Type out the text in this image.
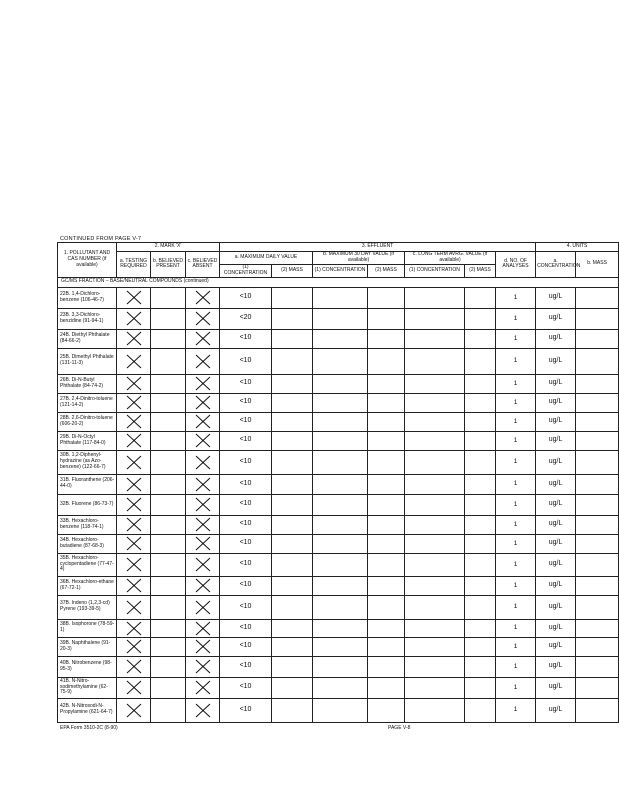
CONTINUED FROM PAGE V-7
1. POLLUTANT AND CAS NUMBER (if available)	2. MARK 'X'			3. EFFLUENT							4. UNITS	
	a. TESTING REQUIRED	b. BELIEVED PRESENT	c. BELIEVED ABSENT	a. MAXIMUM DAILY VALUE		b. MAXIMUM 30 DAY VALUE (if available)		c. LONG TERM AVRG. VALUE (if available)		d. NO. OF ANALYSES	a. CONCENTRATION	b. MASS
				(1) CONCENTRATION	(2) MASS	(1) CONCENTRATION	(2) MASS	(1) CONCENTRATION	(2) MASS			
GC/MS FRACTION – BASE/NEUTRAL COMPOUNDS (continued)												
22B. 1,4-Dichloro-benzene (106-46-7)				<10						1	ug/L	
23B. 3,3-Dichloro-benzidine (91-94-1)				<20						1	ug/L	
24B. Diethyl Phthalate (84-66-2)				<10						1	ug/L	
25B. Dimethyl Phthalate (131-11-3)				<10						1	ug/L	
26B. Di-N-Butyl Phthalate (84-74-2)				<10						1	ug/L	
27B. 2,4-Dinitro-toluene (121-14-2)				<10						1	ug/L	
28B. 2,6-Dinitro-toluene (606-20-2)				<10						1	ug/L	
29B. Di-N-Octyl Phthalate (117-84-0)				<10						1	ug/L	
30B. 1,2-Diphenyl-hydrazine (as Azo-benzene) (122-66-7)				<10						1	ug/L	
31B. Fluoranthene (206-44-0)				<10						1	ug/L	
32B. Fluorene (86-73-7)				<10						1	ug/L	
33B. Hexachloro-benzene (118-74-1)				<10						1	ug/L	
34B. Hexachloro-butadiene (87-68-3)				<10						1	ug/L	
35B. Hexachloro-cyclopentadiene (77-47-4)				<10						1	ug/L	
36B. Hexachloro-ethane (67-72-1)				<10						1	ug/L	
37B. Indeno (1,2,3-cd) Pyrene (193-39-5)				<10						1	ug/L	
38B. Isophorone (78-59-1)				<10						1	ug/L	
39B. Naphthalene (91-20-3)				<10						1	ug/L	
40B. Nitrobenzene (98-95-3)				<10						1	ug/L	
41B. N-Nitro-sodimethylamine (62-75-9)				<10						1	ug/L	
42B. N-Nitrosodi-N-Propylamine (621-64-7)				<10						1	ug/L	
EPA Form 3510-2C (8-90)	PAGE V-8
